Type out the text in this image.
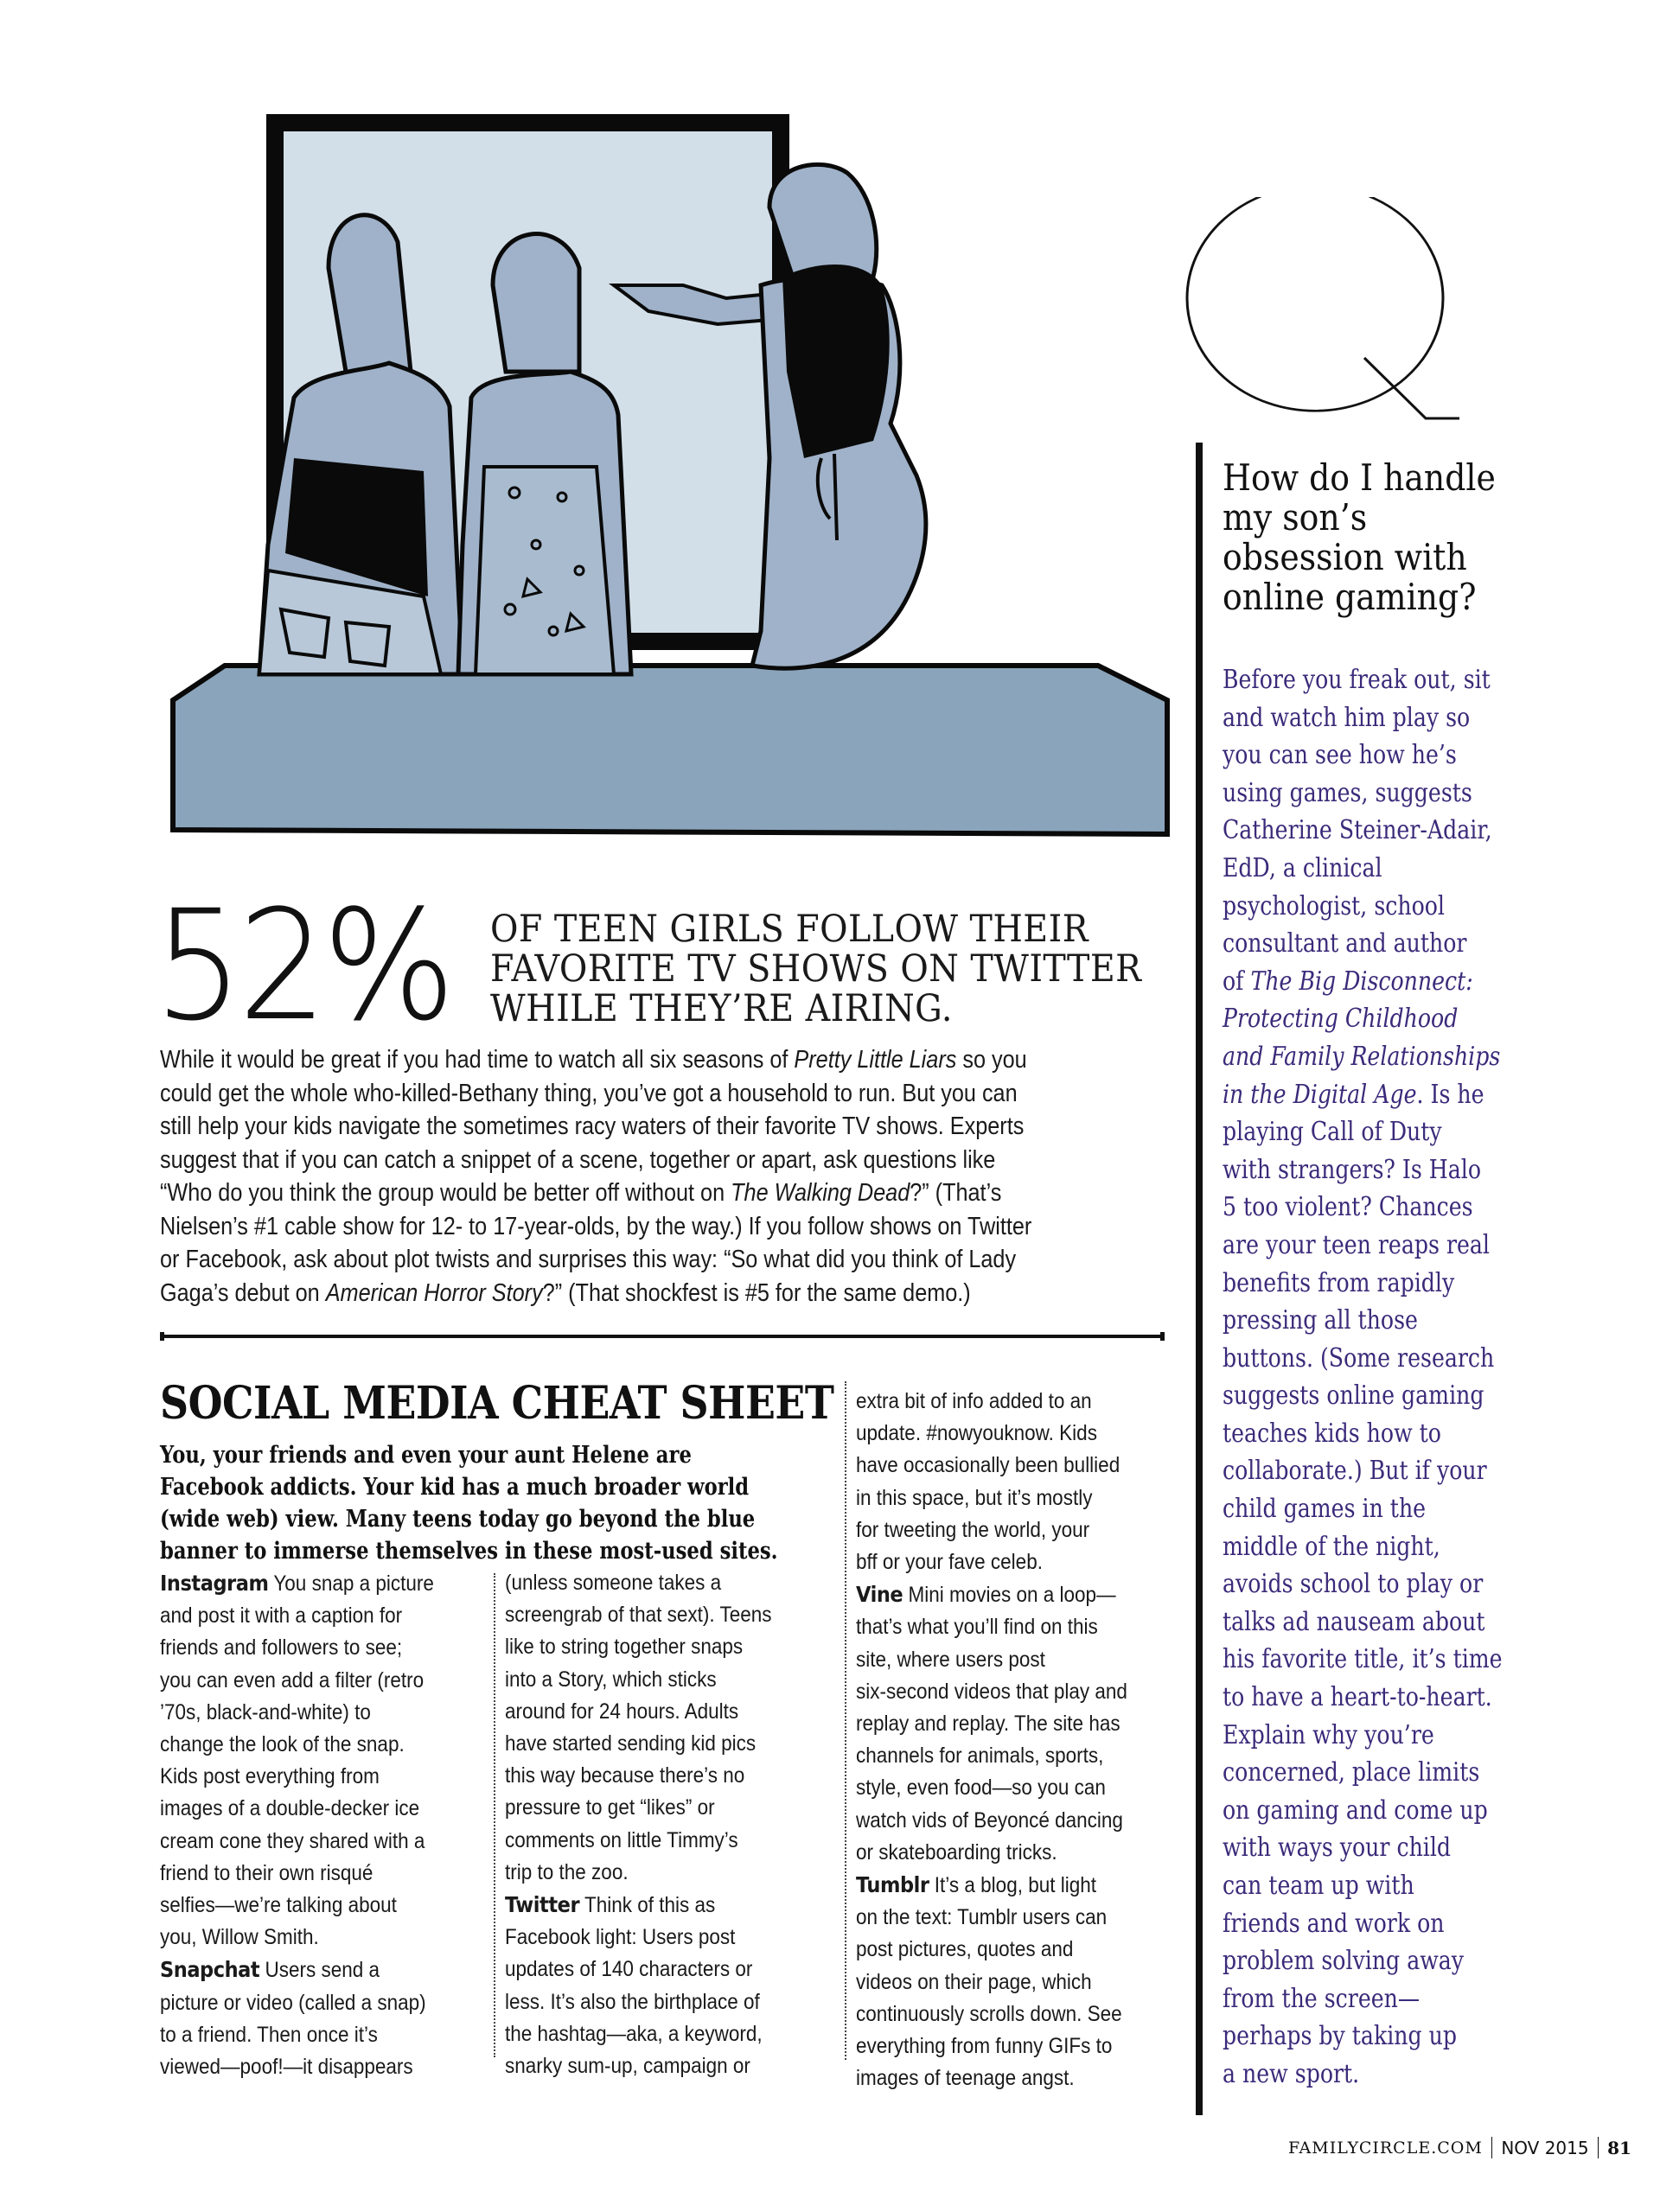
52% OF TEEN GIRLS FOLLOW THEIR
FAVORITE TV SHOWS ON TWITTER
WHILE THEY’RE AIRING.
While it would be great if you had time to watch all six seasons of Pretty Little Liars so you
could get the whole who-killed-Bethany thing, you’ve got a household to run. But you can
still help your kids navigate the sometimes racy waters of their favorite TV shows. Experts
suggest that if you can catch a snippet of a scene, together or apart, ask questions like
“Who do you think the group would be better off without on The Walking Dead?” (That’s
Nielsen’s #1 cable show for 12- to 17-year-olds, by the way.) If you follow shows on Twitter
or Facebook, ask about plot twists and surprises this way: “So what did you think of Lady
Gaga’s debut on American Horror Story?” (That shockfest is #5 for the same demo.)
SOCIAL MEDIA CHEAT SHEET
You, your friends and even your aunt Helene are
Facebook addicts. Your kid has a much broader world
(wide web) view. Many teens today go beyond the blue
banner to immerse themselves in these most-used sites.
Instagram You snap a picture
and post it with a caption for
friends and followers to see;
you can even add a filter (retro
’70s, black-and-white) to
change the look of the snap.
Kids post everything from
images of a double-decker ice
cream cone they shared with a
friend to their own risqué
selfies—we’re talking about
you, Willow Smith.
Snapchat Users send a
picture or video (called a snap)
to a friend. Then once it’s
viewed—poof!—it disappears
(unless someone takes a
screengrab of that sext). Teens
like to string together snaps
into a Story, which sticks
around for 24 hours. Adults
have started sending kid pics
this way because there’s no
pressure to get “likes” or
comments on little Timmy’s
trip to the zoo.
Twitter Think of this as
Facebook light: Users post
updates of 140 characters or
less. It’s also the birthplace of
the hashtag—aka, a keyword,
snarky sum-up, campaign or
extra bit of info added to an
update. #nowyouknow. Kids
have occasionally been bullied
in this space, but it’s mostly
for tweeting the world, your
bff or your fave celeb.
Vine Mini movies on a loop—
that’s what you’ll find on this
site, where users post
six-second videos that play and
replay and replay. The site has
channels for animals, sports,
style, even food—so you can
watch vids of Beyoncé dancing
or skateboarding tricks.
Tumblr It’s a blog, but light
on the text: Tumblr users can
post pictures, quotes and
videos on their page, which
continuously scrolls down. See
everything from funny GIFs to
images of teenage angst.
How do I handle
my son’s
obsession with
online gaming?
Before you freak out, sit
and watch him play so
you can see how he’s
using games, suggests
Catherine Steiner-Adair,
EdD, a clinical
psychologist, school
consultant and author
of The Big Disconnect:
Protecting Childhood
and Family Relationships
in the Digital Age. Is he
playing Call of Duty
with strangers? Is Halo
5 too violent? Chances
are your teen reaps real
benefits from rapidly
pressing all those
buttons. (Some research
suggests online gaming
teaches kids how to
collaborate.) But if your
child games in the
middle of the night,
avoids school to play or
talks ad nauseam about
his favorite title, it’s time
to have a heart-to-heart.
Explain why you’re
concerned, place limits
on gaming and come up
with ways your child
can team up with
friends and work on
problem solving away
from the screen—
perhaps by taking up
a new sport.
FAMILYCIRCLE.COM NOV 2015 81
